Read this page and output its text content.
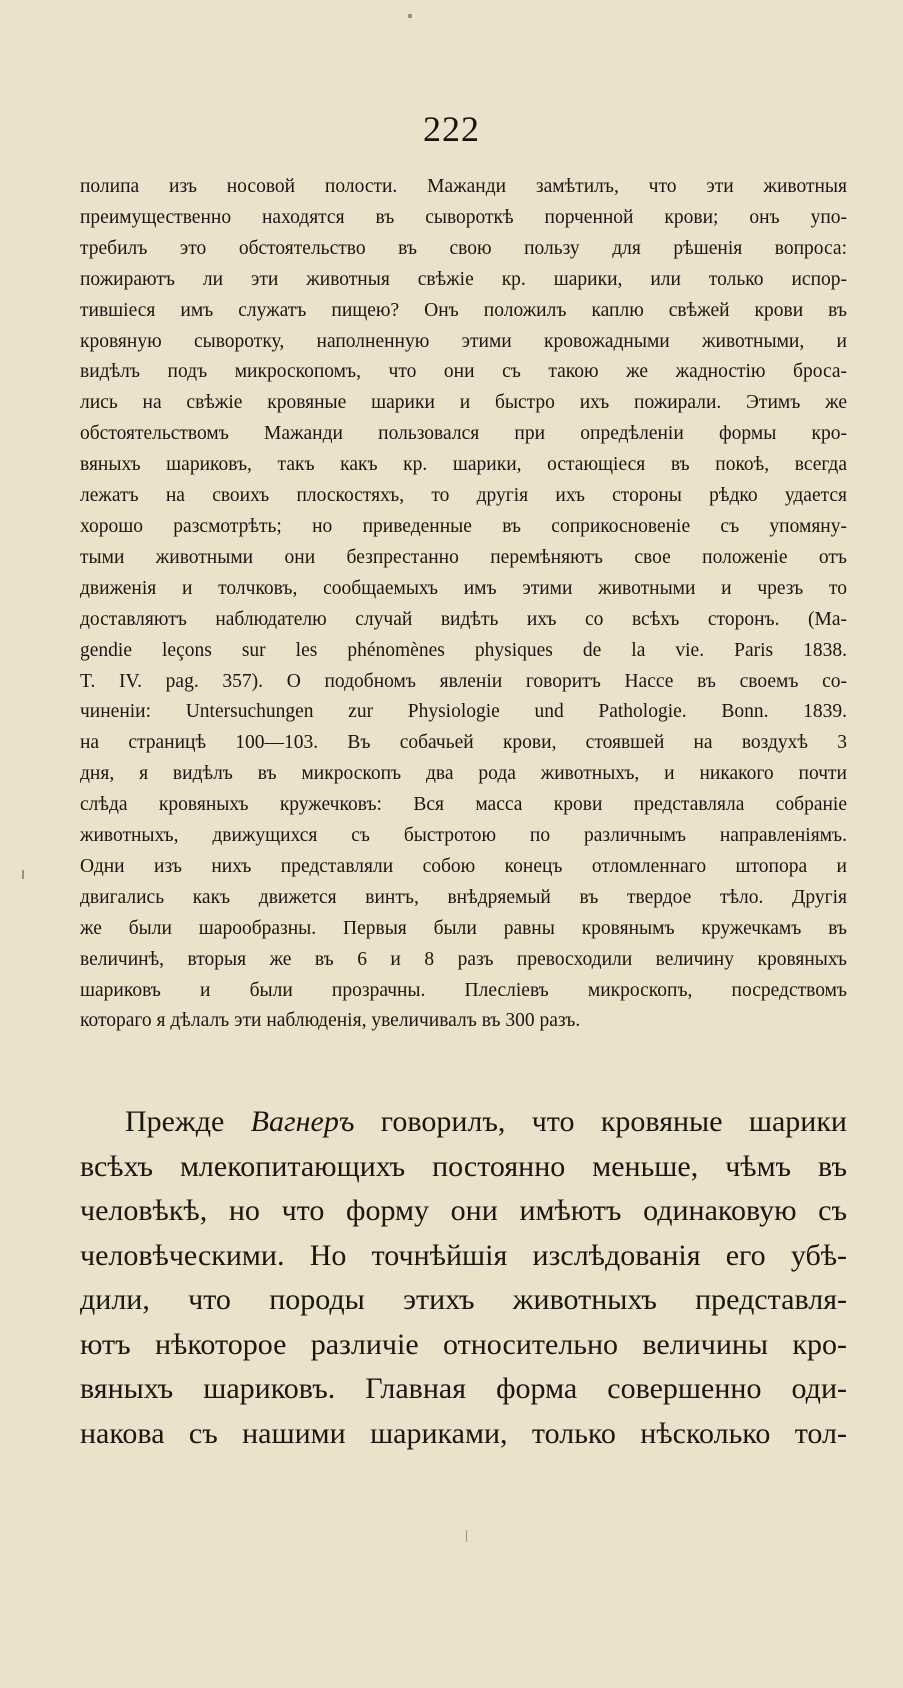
222
полипа изъ носовой полости. Мажанди замѣтилъ, что эти животныя
преимущественно находятся въ сывороткѣ порченной крови; онъ упо-
требилъ это обстоятельство въ свою пользу для рѣшенія вопроса:
пожираютъ ли эти животныя свѣжіе кр. шарики, или только испор-
тившіеся имъ служатъ пищею? Онъ положилъ каплю свѣжей крови въ
кровяную сыворотку, наполненную этими кровожадными животными, и
видѣлъ подъ микроскопомъ, что они съ такою же жадностію броса-
лись на свѣжіе кровяные шарики и быстро ихъ пожирали. Этимъ же
обстоятельствомъ Мажанди пользовался при опредѣленіи формы кро-
вяныхъ шариковъ, такъ какъ кр. шарики, остающіеся въ покоѣ, всегда
лежатъ на своихъ плоскостяхъ, то другія ихъ стороны рѣдко удается
хорошо разсмотрѣть; но приведенные въ соприкосновеніе съ упомяну-
тыми животными они безпрестанно перемѣняютъ свое положеніе отъ
движенія и толчковъ, сообщаемыхъ имъ этими животными и чрезъ то
доставляютъ наблюдателю случай видѣть ихъ со всѣхъ сторонъ. (Ma-
gendie leçons sur les phénomènes physiques de la vie. Paris 1838.
T. IV. pag. 357). О подобномъ явленіи говоритъ Нассе въ своемъ со-
чиненіи: Untersuchungen zur Physiologie und Pathologie. Bonn. 1839.
на страницѣ 100—103. Въ собачьей крови, стоявшей на воздухѣ 3
дня, я видѣлъ въ микроскопъ два рода животныхъ, и никакого почти
слѣда кровяныхъ кружечковъ: Вся масса крови представляла собраніе
животныхъ, движущихся съ быстротою по различнымъ направленіямъ.
Одни изъ нихъ представляли собою конецъ отломленнаго штопора и
двигались какъ движется винтъ, внѣдряемый въ твердое тѣло. Другія
же были шарообразны. Первыя были равны кровянымъ кружечкамъ въ
величинѣ, вторыя же въ 6 и 8 разъ превосходили величину кровяныхъ
шариковъ и были прозрачны. Плесліевъ микроскопъ, посредствомъ
котораго я дѣлалъ эти наблюденія, увеличивалъ въ 300 разъ.
Прежде Вагнеръ говорилъ, что кровяные шарики
всѣхъ млекопитающихъ постоянно меньше, чѣмъ въ
человѣкѣ, но что форму они имѣютъ одинаковую съ
человѣческими. Но точнѣйшія изслѣдованія его убѣ-
дили, что породы этихъ животныхъ представля-
ютъ нѣкоторое различіе относительно величины кро-
вяныхъ шариковъ. Главная форма совершенно оди-
накова съ нашими шариками, только нѣсколько тол-
